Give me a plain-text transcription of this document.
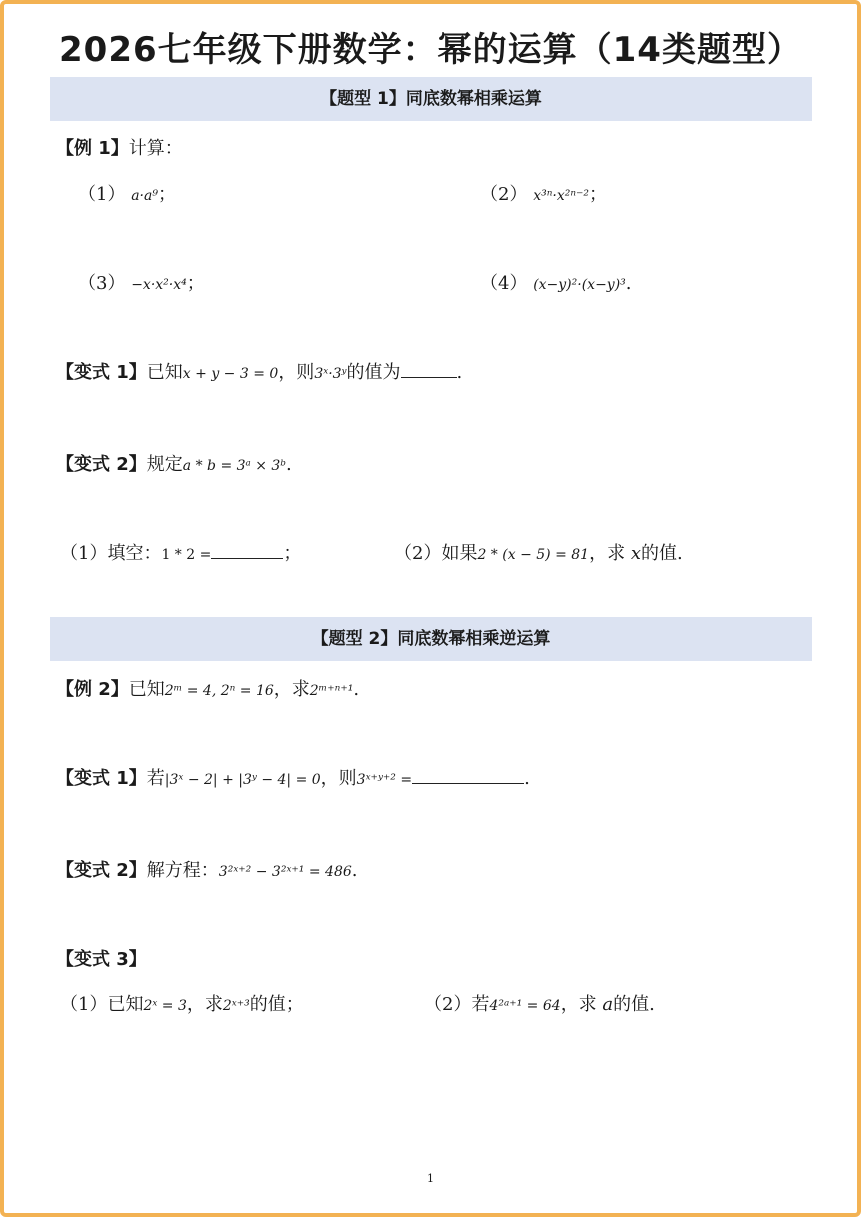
2026七年级下册数学：幂的运算（14类题型）
【题型 1】同底数幂相乘运算
【例 1】计算：
（1） a·a⁹；	（2） x³ⁿ·x²ⁿ⁻²；
（3） −x·x²·x⁴；	（4） (x−y)²·(x−y)³.
【变式 1】已知x + y − 3 = 0，则3ˣ·3ʸ的值为	.
【变式 2】规定a * b = 3ᵃ × 3ᵇ.
（1）填空：1 * 2 =	；	（2）如果2 * (x − 5) = 81，求 x的值.
【题型 2】同底数幂相乘逆运算
【例 2】已知2ᵐ = 4, 2ⁿ = 16，求2ᵐ⁺ⁿ⁺¹.
【变式 1】若|3ˣ − 2| + |3ʸ − 4| = 0，则3ˣ⁺ʸ⁺² =	.
【变式 2】解方程：3²ˣ⁺² − 3²ˣ⁺¹ = 486.
【变式 3】
（1）已知2ˣ = 3，求2ˣ⁺³的值；	（2）若4²ᵃ⁺¹ = 64，求 a的值.
1
